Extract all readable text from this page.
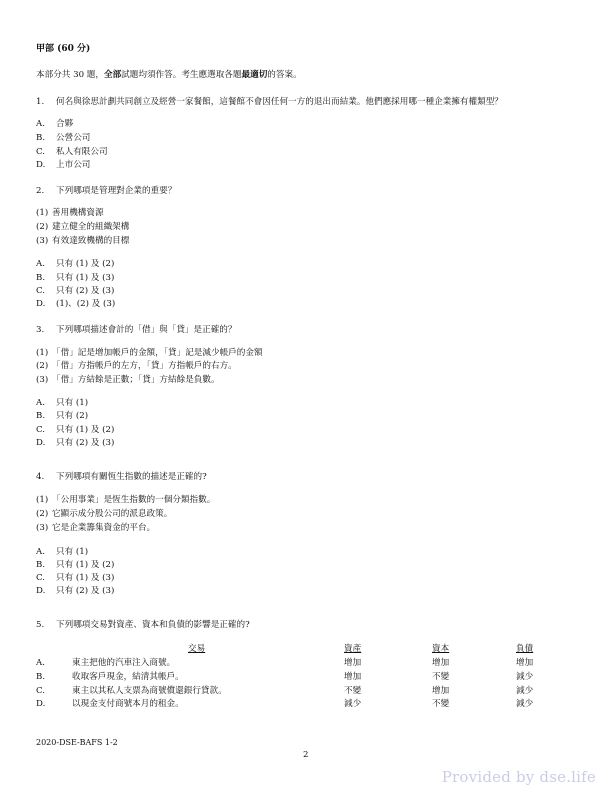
甲部 (60 分)
本部分共 30 題，全部試題均須作答。考生應選取各題最適切的答案。
1. 何名與徐思計劃共同創立及經營一家餐館，這餐館不會因任何一方的退出而結業。他們應採用哪一種企業擁有權類型？
A. 合夥
B. 公營公司
C. 私人有限公司
D. 上市公司
2. 下列哪項是管理對企業的重要？
(1) 善用機構資源
(2) 建立健全的組織架構
(3) 有效達致機構的目標
A. 只有 (1) 及 (2)
B. 只有 (1) 及 (3)
C. 只有 (2) 及 (3)
D. (1)、(2) 及 (3)
3. 下列哪項描述會計的「借」與「貸」是正確的？
(1) 「借」記是增加帳戶的金額，「貸」記是減少帳戶的金額
(2) 「借」方指帳戶的左方，「貸」方指帳戶的右方。
(3) 「借」方結餘是正數；「貸」方結餘是負數。
A. 只有 (1)
B. 只有 (2)
C. 只有 (1) 及 (2)
D. 只有 (2) 及 (3)
4. 下列哪項有關恆生指數的描述是正確的?
(1) 「公用事業」是恆生指數的一個分類指數。
(2) 它顯示成分股公司的派息政策。
(3) 它是企業籌集資金的平台。
A. 只有 (1)
B. 只有 (1) 及 (2)
C. 只有 (1) 及 (3)
D. 只有 (2) 及 (3)
5. 下列哪項交易對資產、資本和負債的影響是正確的?
交易	資產	資本	負債
A.	東主把他的汽車注入商號。	增加	增加	增加
B.	收取客戶現金，結清其帳戶。	增加	不變	減少
C.	東主以其私人支票為商號償還銀行貸款。	不變	增加	減少
D.	以現金支付商號本月的租金。	減少	不變	減少
2020-DSE-BAFS 1-2
2
Provided by dse.life
